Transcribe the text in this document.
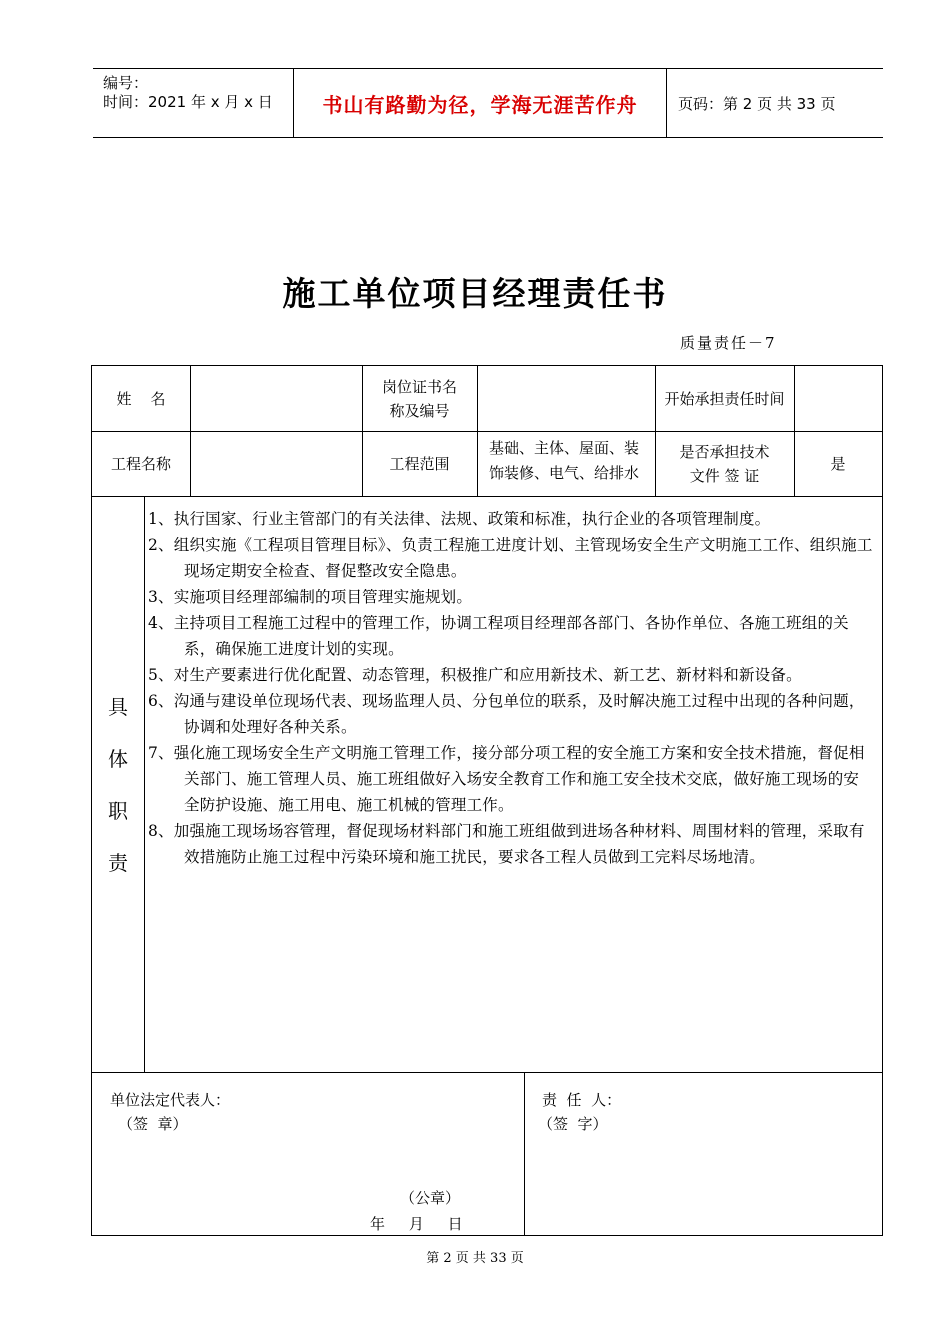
编号：
时间：2021 年 x 月 x 日 书山有路勤为径，学海无涯苦作舟	页码：第 2 页 共 33 页
施工单位项目经理责任书
质量责任－7
姓    名
岗位证书名称及编号
开始承担责任时间
工程名称	工程范围
基础、主体、屋面、装饰装修、电气、给排水
是否承担技术文件 签 证
是
具
体
职
责
1、执行国家、行业主管部门的有关法律、法规、政策和标准，执行企业的各项管理制度。
2、组织实施《工程项目管理目标》、负责工程施工进度计划、主管现场安全生产文明施工工作、组织施工现场定期安全检查、督促整改安全隐患。
3、实施项目经理部编制的项目管理实施规划。
4、主持项目工程施工过程中的管理工作，协调工程项目经理部各部门、各协作单位、各施工班组的关系，确保施工进度计划的实现。
5、对生产要素进行优化配置、动态管理，积极推广和应用新技术、新工艺、新材料和新设备。
6、沟通与建设单位现场代表、现场监理人员、分包单位的联系，及时解决施工过程中出现的各种问题，协调和处理好各种关系。
7、强化施工现场安全生产文明施工管理工作，接分部分项工程的安全施工方案和安全技术措施，督促相关部门、施工管理人员、施工班组做好入场安全教育工作和施工安全技术交底，做好施工现场的安全防护设施、施工用电、施工机械的管理工作。
8、加强施工现场场容管理，督促现场材料部门和施工班组做到进场各种材料、周围材料的管理，采取有效措施防止施工过程中污染环境和施工扰民，要求各工程人员做到工完料尽场地清。
单位法定代表人：
（签  章）
（公章）
年     月     日
责  任  人：
（签  字）
第 2 页 共 33 页
